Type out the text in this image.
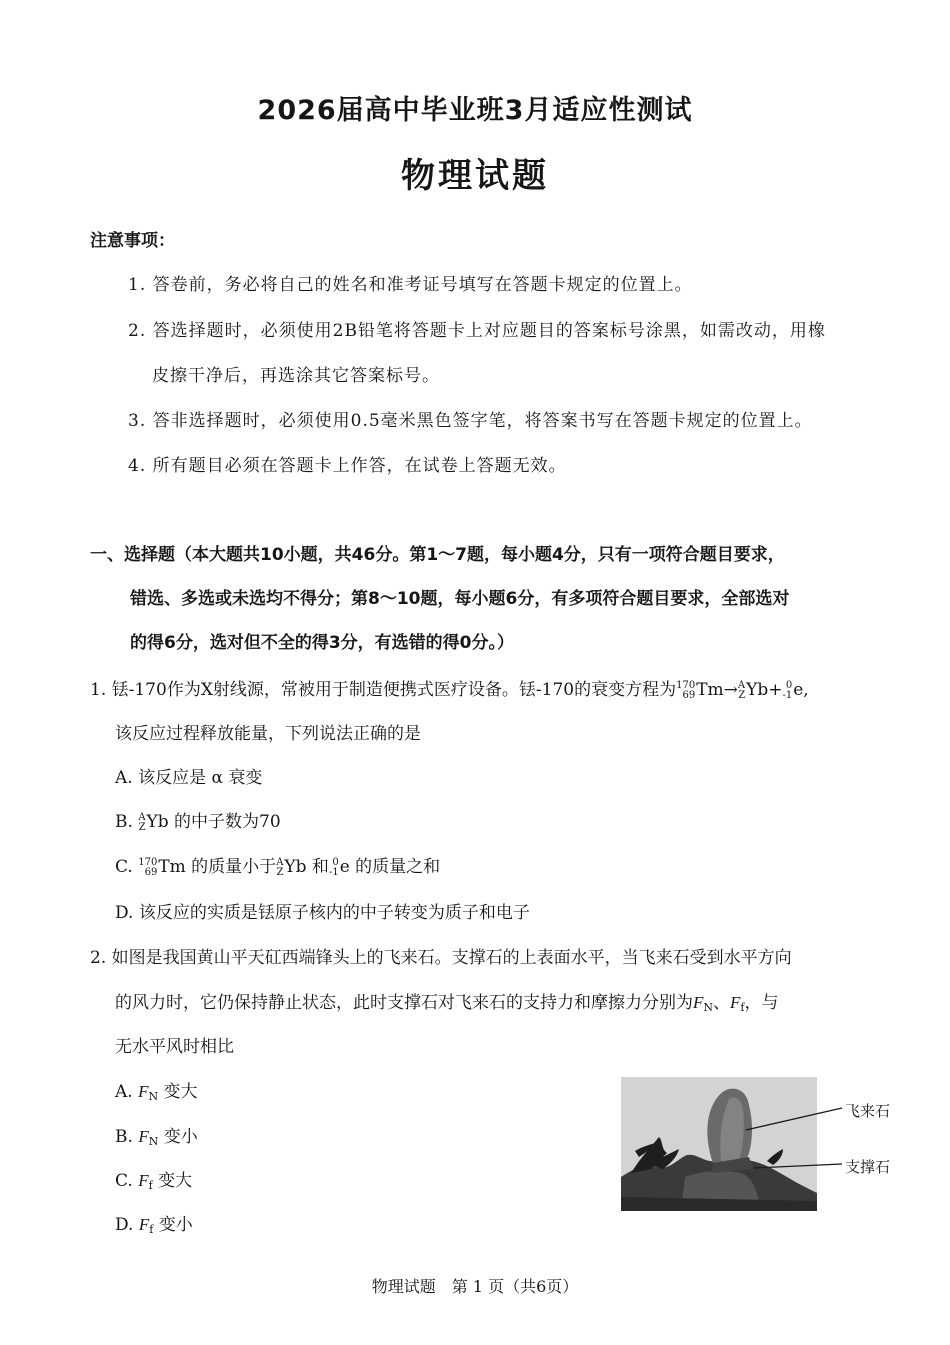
2026届高中毕业班3月适应性测试
物理试题
注意事项：
1. 答卷前，务必将自己的姓名和准考证号填写在答题卡规定的位置上。
2. 答选择题时，必须使用2B铅笔将答题卡上对应题目的答案标号涂黑，如需改动，用橡
皮擦干净后，再选涂其它答案标号。
3. 答非选择题时，必须使用0.5毫米黑色签字笔，将答案书写在答题卡规定的位置上。
4. 所有题目必须在答题卡上作答，在试卷上答题无效。
一、选择题（本大题共10小题，共46分。第1～7题，每小题4分，只有一项符合题目要求，
错选、多选或未选均不得分；第8～10题，每小题6分，有多项符合题目要求，全部选对
的得6分，选对但不全的得3分，有选错的得0分。）
1. 铥-170作为X射线源，常被用于制造便携式医疗设备。铥-170的衰变方程为 170
69 Tm→ A
Z Yb+ 0
-1 e,
该反应过程释放能量，下列说法正确的是
A. 该反应是 α 衰变
B. A
Z Yb 的中子数为70
C. 170
69 Tm 的质量小于 A
Z Yb 和 0
-1 e 的质量之和
D. 该反应的实质是铥原子核内的中子转变为质子和电子
2. 如图是我国黄山平天矼西端锋头上的飞来石。支撑石的上表面水平，当飞来石受到水平方向
的风力时，它仍保持静止状态，此时支撑石对飞来石的支持力和摩擦力分别为FN、Ff，与
无水平风时相比
A. FN 变大
B. FN 变小
C. Ff 变大
D. Ff 变小
飞来石
支撑石
物理试题　第 1 页（共6页）
